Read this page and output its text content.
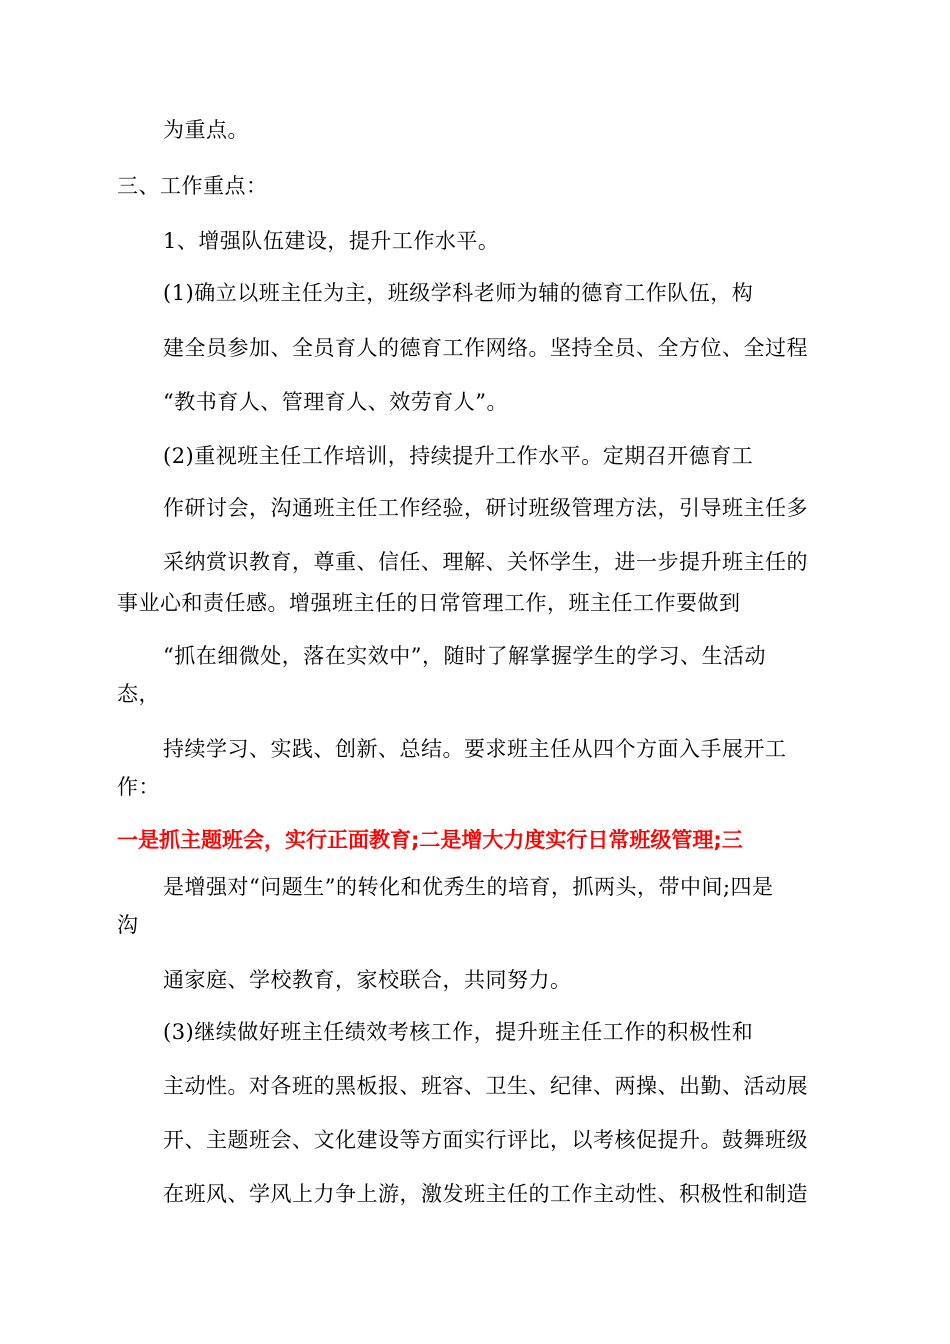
为重点。
三、工作重点：
1、增强队伍建设，提升工作水平。
(1)确立以班主任为主，班级学科老师为辅的德育工作队伍，构
建全员参加、全员育人的德育工作网络。坚持全员、全方位、全过程
“教书育人、管理育人、效劳育人”。
(2)重视班主任工作培训，持续提升工作水平。定期召开德育工
作研讨会，沟通班主任工作经验，研讨班级管理方法，引导班主任多
采纳赏识教育，尊重、信任、理解、关怀学生，进一步提升班主任的
事业心和责任感。增强班主任的日常管理工作，班主任工作要做到
“抓在细微处，落在实效中”，随时了解掌握学生的学习、生活动
态，
持续学习、实践、创新、总结。要求班主任从四个方面入手展开工
作：
一是抓主题班会，实行正面教育;二是增大力度实行日常班级管理;三
是增强对“问题生”的转化和优秀生的培育，抓两头，带中间;四是
沟
通家庭、学校教育，家校联合，共同努力。
(3)继续做好班主任绩效考核工作，提升班主任工作的积极性和
主动性。对各班的黑板报、班容、卫生、纪律、两操、出勤、活动展
开、主题班会、文化建设等方面实行评比，以考核促提升。鼓舞班级
在班风、学风上力争上游，激发班主任的工作主动性、积极性和制造
